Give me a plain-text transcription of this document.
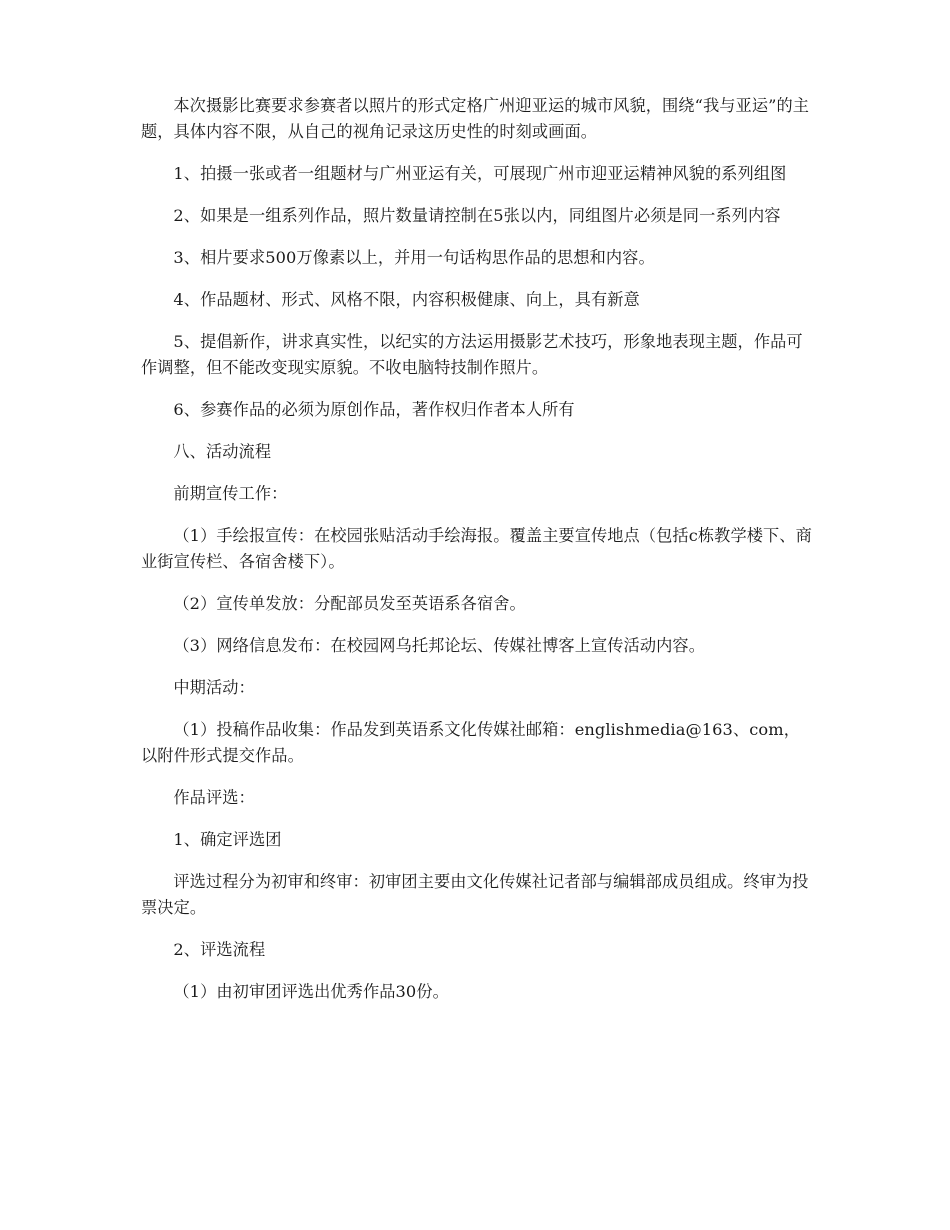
本次摄影比赛要求参赛者以照片的形式定格广州迎亚运的城市风貌，围绕“我与亚运”的主题，具体内容不限，从自己的视角记录这历史性的时刻或画面。

1、拍摄一张或者一组题材与广州亚运有关，可展现广州市迎亚运精神风貌的系列组图

2、如果是一组系列作品，照片数量请控制在5张以内，同组图片必须是同一系列内容

3、相片要求500万像素以上，并用一句话构思作品的思想和内容。

4、作品题材、形式、风格不限，内容积极健康、向上，具有新意

5、提倡新作，讲求真实性，以纪实的方法运用摄影艺术技巧，形象地表现主题，作品可作调整，但不能改变现实原貌。不收电脑特技制作照片。

6、参赛作品的必须为原创作品，著作权归作者本人所有

八、活动流程

前期宣传工作：

（1）手绘报宣传：在校园张贴活动手绘海报。覆盖主要宣传地点（包括c栋教学楼下、商业街宣传栏、各宿舍楼下）。

（2）宣传单发放：分配部员发至英语系各宿舍。

（3）网络信息发布：在校园网乌托邦论坛、传媒社博客上宣传活动内容。

中期活动：

（1）投稿作品收集：作品发到英语系文化传媒社邮箱：englishmedia@163、com，以附件形式提交作品。

作品评选：

1、确定评选团

评选过程分为初审和终审：初审团主要由文化传媒社记者部与编辑部成员组成。终审为投票决定。

2、评选流程

（1）由初审团评选出优秀作品30份。
